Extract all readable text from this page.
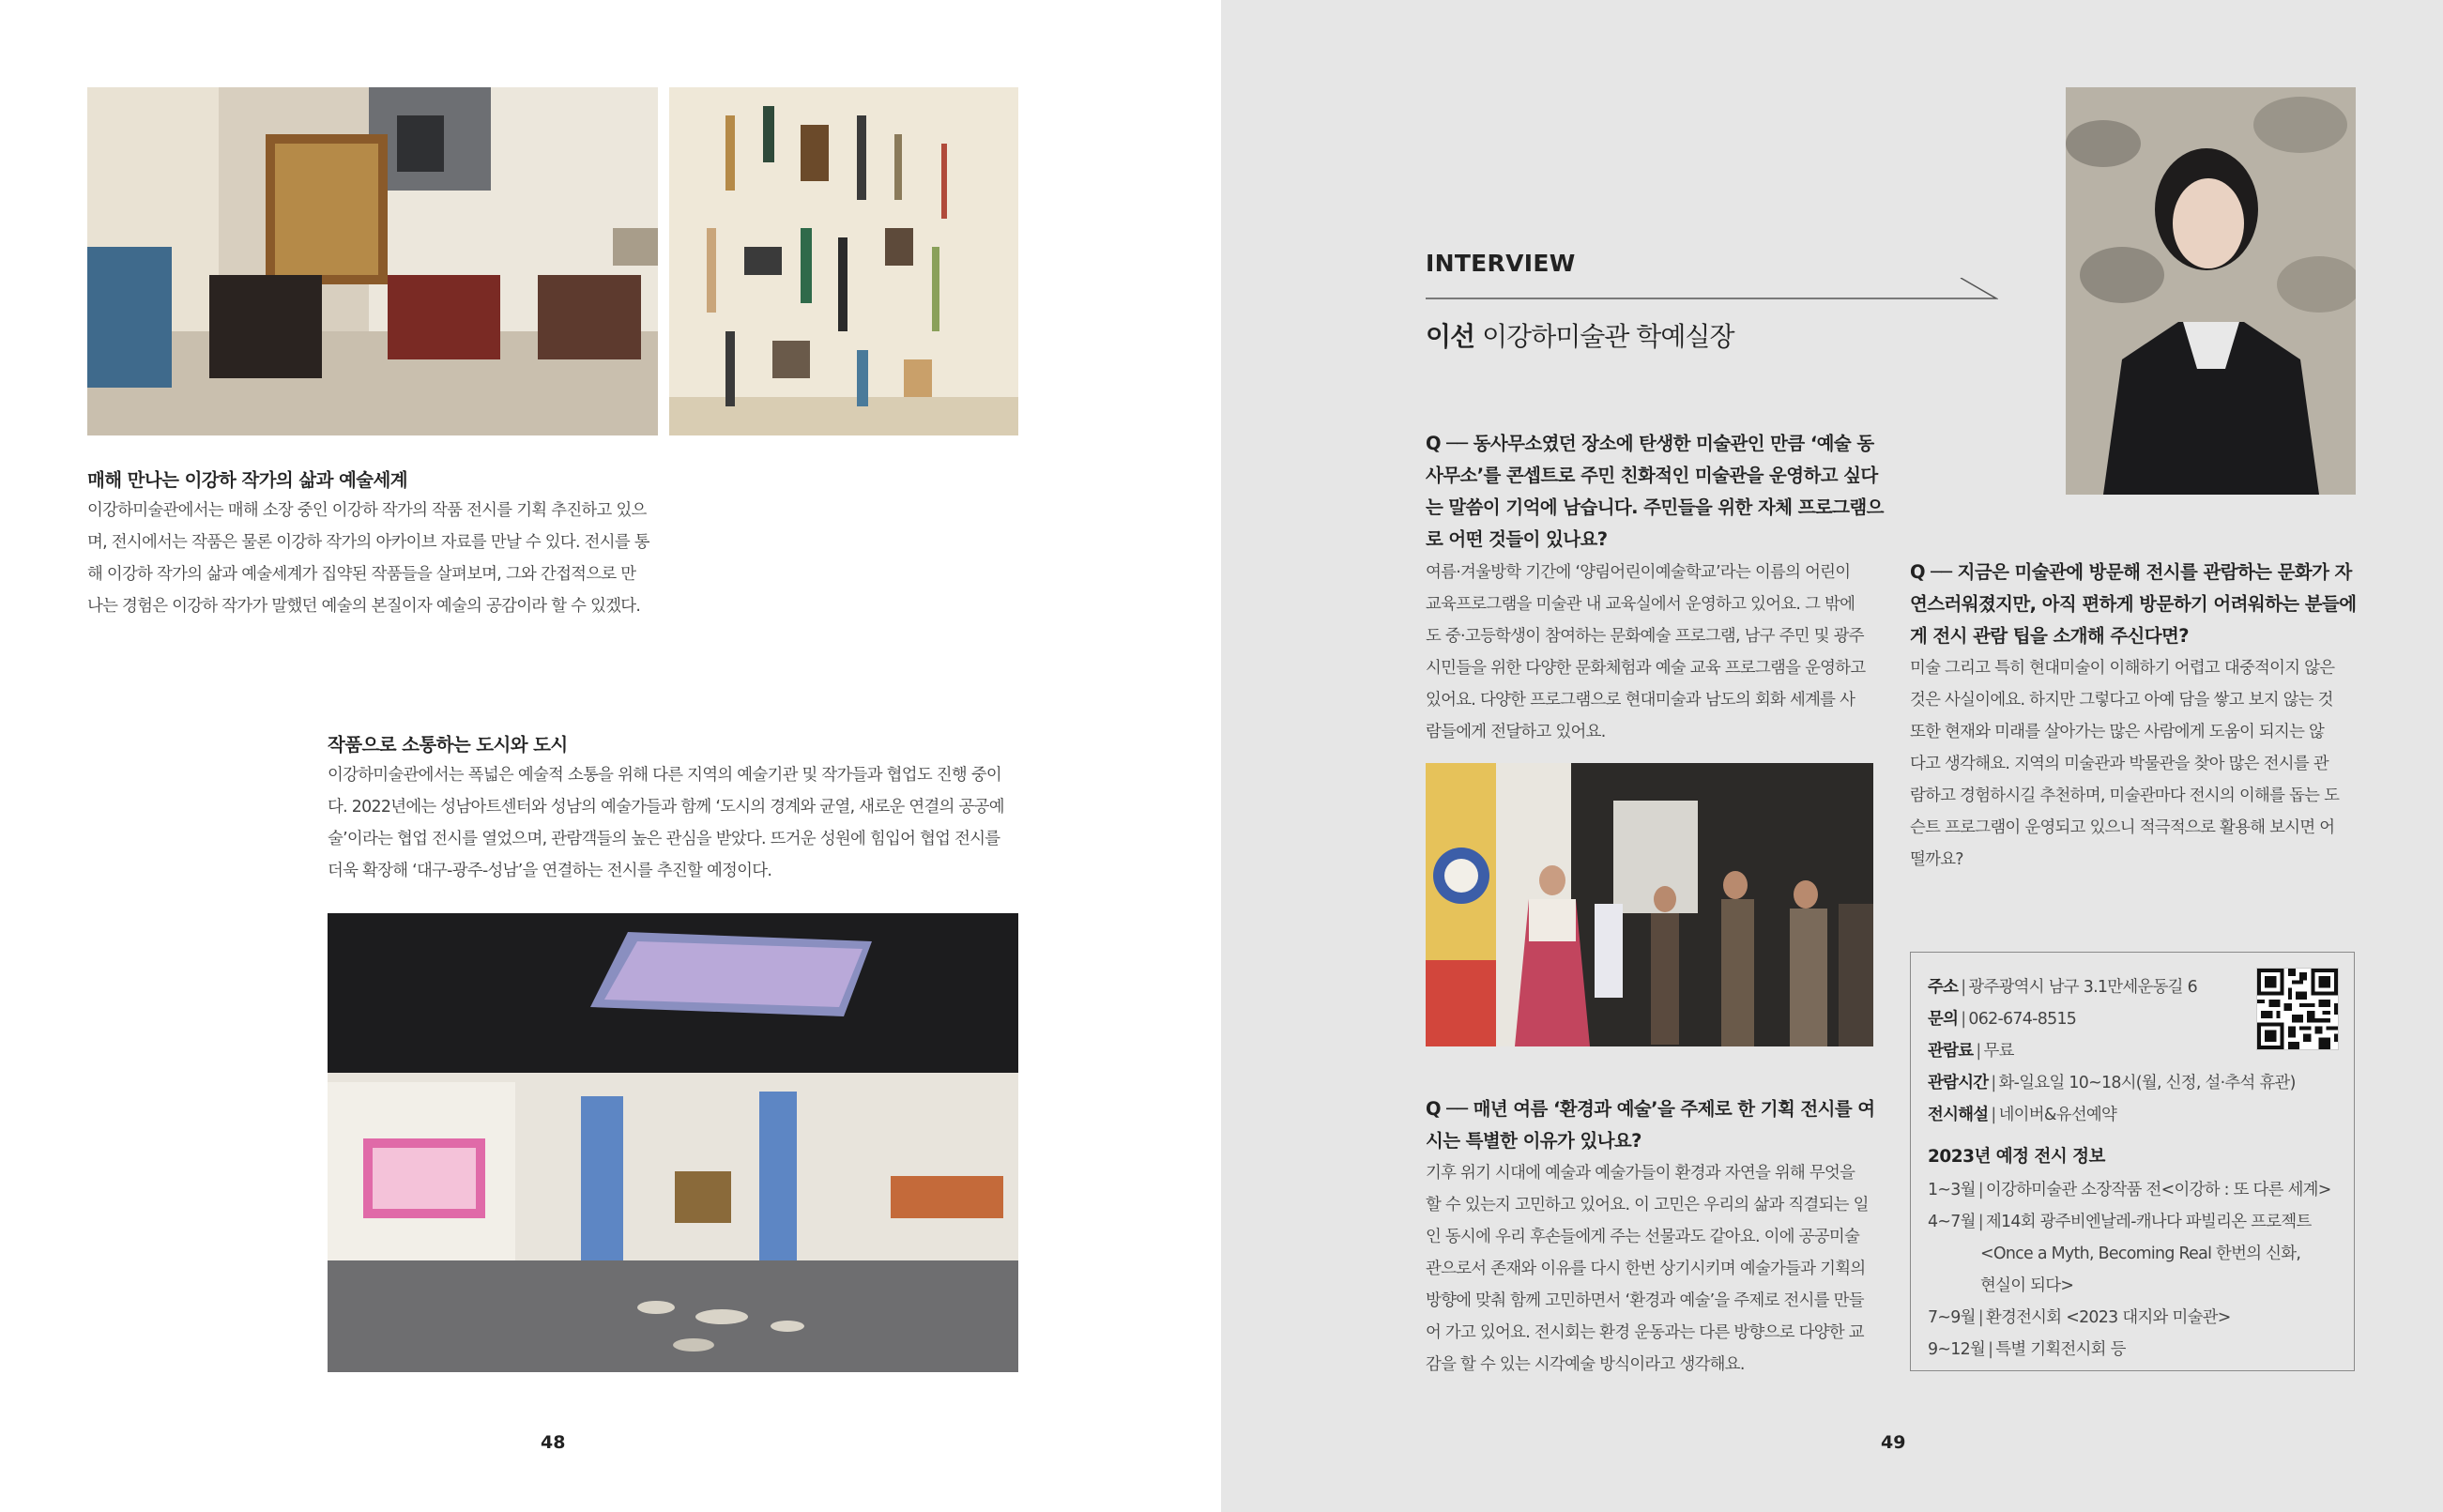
매해 만나는 이강하 작가의 삶과 예술세계

이강하미술관에서는 매해 소장 중인 이강하 작가의 작품 전시를 기획 추진하고 있으
며, 전시에서는 작품은 물론 이강하 작가의 아카이브 자료를 만날 수 있다. 전시를 통
해 이강하 작가의 삶과 예술세계가 집약된 작품들을 살펴보며, 그와 간접적으로 만
나는 경험은 이강하 작가가 말했던 예술의 본질이자 예술의 공감이라 할 수 있겠다.

작품으로 소통하는 도시와 도시

이강하미술관에서는 폭넓은 예술적 소통을 위해 다른 지역의 예술기관 및 작가들과 협업도 진행 중이
다. 2022년에는 성남아트센터와 성남의 예술가들과 함께 ‘도시의 경계와 균열, 새로운 연결의 공공예
술’이라는 협업 전시를 열었으며, 관람객들의 높은 관심을 받았다. 뜨거운 성원에 힘입어 협업 전시를
더욱 확장해 ‘대구-광주-성남’을 연결하는 전시를 추진할 예정이다.

48
INTERVIEW
이선 이강하미술관 학예실장

Q ── 동사무소였던 장소에 탄생한 미술관인 만큼 ‘예술 동
사무소’를 콘셉트로 주민 친화적인 미술관을 운영하고 싶다
는 말씀이 기억에 남습니다. 주민들을 위한 자체 프로그램으
로 어떤 것들이 있나요?

여름·겨울방학 기간에 ‘양림어린이예술학교’라는 이름의 어린이
교육프로그램을 미술관 내 교육실에서 운영하고 있어요. 그 밖에
도 중·고등학생이 참여하는 문화예술 프로그램, 남구 주민 및 광주
시민들을 위한 다양한 문화체험과 예술 교육 프로그램을 운영하고
있어요. 다양한 프로그램으로 현대미술과 남도의 회화 세계를 사
람들에게 전달하고 있어요.

Q ── 매년 여름 ‘환경과 예술’을 주제로 한 기획 전시를 여
시는 특별한 이유가 있나요?

기후 위기 시대에 예술과 예술가들이 환경과 자연을 위해 무엇을
할 수 있는지 고민하고 있어요. 이 고민은 우리의 삶과 직결되는 일
인 동시에 우리 후손들에게 주는 선물과도 같아요. 이에 공공미술
관으로서 존재와 이유를 다시 한번 상기시키며 예술가들과 기획의
방향에 맞춰 함께 고민하면서 ‘환경과 예술’을 주제로 전시를 만들
어 가고 있어요. 전시회는 환경 운동과는 다른 방향으로 다양한 교
감을 할 수 있는 시각예술 방식이라고 생각해요.

Q ── 지금은 미술관에 방문해 전시를 관람하는 문화가 자
연스러워졌지만, 아직 편하게 방문하기 어려워하는 분들에
게 전시 관람 팁을 소개해 주신다면?

미술 그리고 특히 현대미술이 이해하기 어렵고 대중적이지 않은
것은 사실이에요. 하지만 그렇다고 아예 담을 쌓고 보지 않는 것
또한 현재와 미래를 살아가는 많은 사람에게 도움이 되지는 않
다고 생각해요. 지역의 미술관과 박물관을 찾아 많은 전시를 관
람하고 경험하시길 추천하며, 미술관마다 전시의 이해를 돕는 도
슨트 프로그램이 운영되고 있으니 적극적으로 활용해 보시면 어
떨까요?

주소 | 광주광역시 남구 3.1만세운동길 6
문의 | 062-674-8515
관람료 | 무료
관람시간 | 화-일요일 10~18시(월, 신정, 설·추석 휴관)
전시해설 | 네이버&유선예약
2023년 예정 전시 정보
1~3월 | 이강하미술관 소장작품 전<이강하 : 또 다른 세계>
4~7월 | 제14회 광주비엔날레-캐나다 파빌리온 프로젝트
<Once a Myth, Becoming Real 한번의 신화,
현실이 되다>
7~9월 | 환경전시회 <2023 대지와 미술관>
9~12월 | 특별 기획전시회 등
49
